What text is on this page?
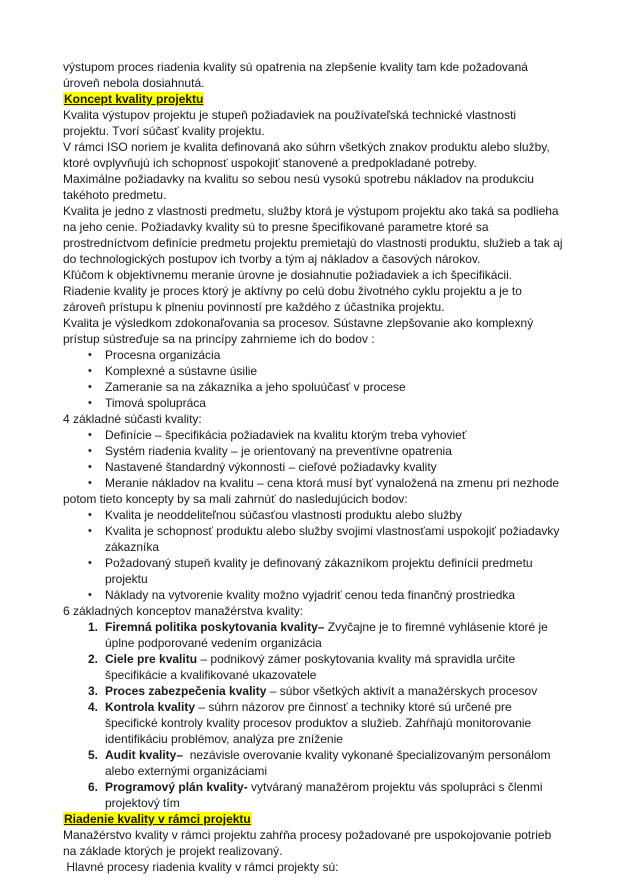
výstupom proces riadenia kvality sú opatrenia na zlepšenie kvality tam kde požadovaná úroveň nebola dosiahnutá.
Koncept kvality projektu
Kvalita výstupov projektu je stupeň požiadaviek na používateľská technické vlastnosti projektu. Tvorí súčasť kvality projektu.
V rámci ISO noriem je kvalita definovaná ako súhrn všetkých znakov produktu alebo služby, ktoré ovplyvňujú ich schopnosť uspokojiť stanovené a predpokladané potreby.
Maximálne požiadavky na kvalitu so sebou nesú vysokú spotrebu nákladov na produkciu takéhoto predmetu.
Kvalita je jedno z vlastnosti predmetu, služby ktorá je výstupom projektu ako taká sa podlieha na jeho cenie. Požiadavky kvality sú to presne špecifikované parametre ktoré sa prostredníctvom definície predmetu projektu premietajú do vlastnosti produktu, služieb a tak aj do technologických postupov ich tvorby a tým aj nákladov a časových nárokov.
Kľúčom k objektívnemu meranie úrovne je dosiahnutie požiadaviek a ich špecifikácii.
Riadenie kvality je proces ktorý je aktívny po celú dobu životného cyklu projektu a je to zároveň prístupu k plneniu povinností pre každého z účastníka projektu.
Kvalita je výsledkom zdokonaľovania sa procesov. Sústavne zlepšovanie ako komplexný prístup sústreďuje sa na princípy zahrnieme ich do bodov :
• Procesna organizácia
• Komplexné a sústavne úsilie
• Zameranie sa na zákazníka a jeho spoluúčasť v procese
• Timová spolupráca
4 základné súčasti kvality:
• Definície – špecifikácia požiadaviek na kvalitu ktorým treba vyhovieť
• Systém riadenia kvality – je orientovaný na preventívne opatrenia
• Nastavené štandardný výkonnosti – cieľové požiadavky kvality
• Meranie nákladov na kvalitu – cena ktorá musí byť vynaložená na zmenu pri nezhode
potom tieto koncepty by sa mali zahrnúť do nasledujúcich bodov:
• Kvalita je neoddeliteľnou súčasťou vlastnosti produktu alebo služby
• Kvalita je schopnosť produktu alebo služby svojimi vlastnosťami uspokojiť požiadavky zákazníka
• Požadovaný stupeň kvality je definovaný zákazníkom projektu definícii predmetu projektu
• Náklady na vytvorenie kvality možno vyjadriť cenou teda finančný prostriedka
6 základných konceptov manažérstva kvality:
1. Firemná politika poskytovania kvality– Zvyčajne je to firemné vyhlásenie ktoré je úplne podporované vedením organizácia
2. Ciele pre kvalitu – podnikový zámer poskytovania kvality má spravidla určite špecifikácie a kvalifikované ukazovatele
3. Proces zabezpečenia kvality – súbor všetkých aktivít a manažérskych procesov
4. Kontrola kvality – súhrn názorov pre činnosť a techniky ktoré sú určené pre špecifické kontroly kvality procesov produktov a služieb. Zahŕňajú monitorovanie identifikáciu problémov, analýza pre zníženie
5. Audit kvality–  nezávisle overovanie kvality vykonané špecializovaným personálom alebo externými organizáciami
6. Programový plán kvality- vytváraný manažérom projektu vás spolupráci s členmi projektový tím
Riadenie kvality v rámci projektu
Manažérstvo kvality v rámci projektu zahŕňa procesy požadované pre uspokojovanie potrieb na základe ktorých je projekt realizovaný.
Hlavné procesy riadenia kvality v rámci projekty sú:
